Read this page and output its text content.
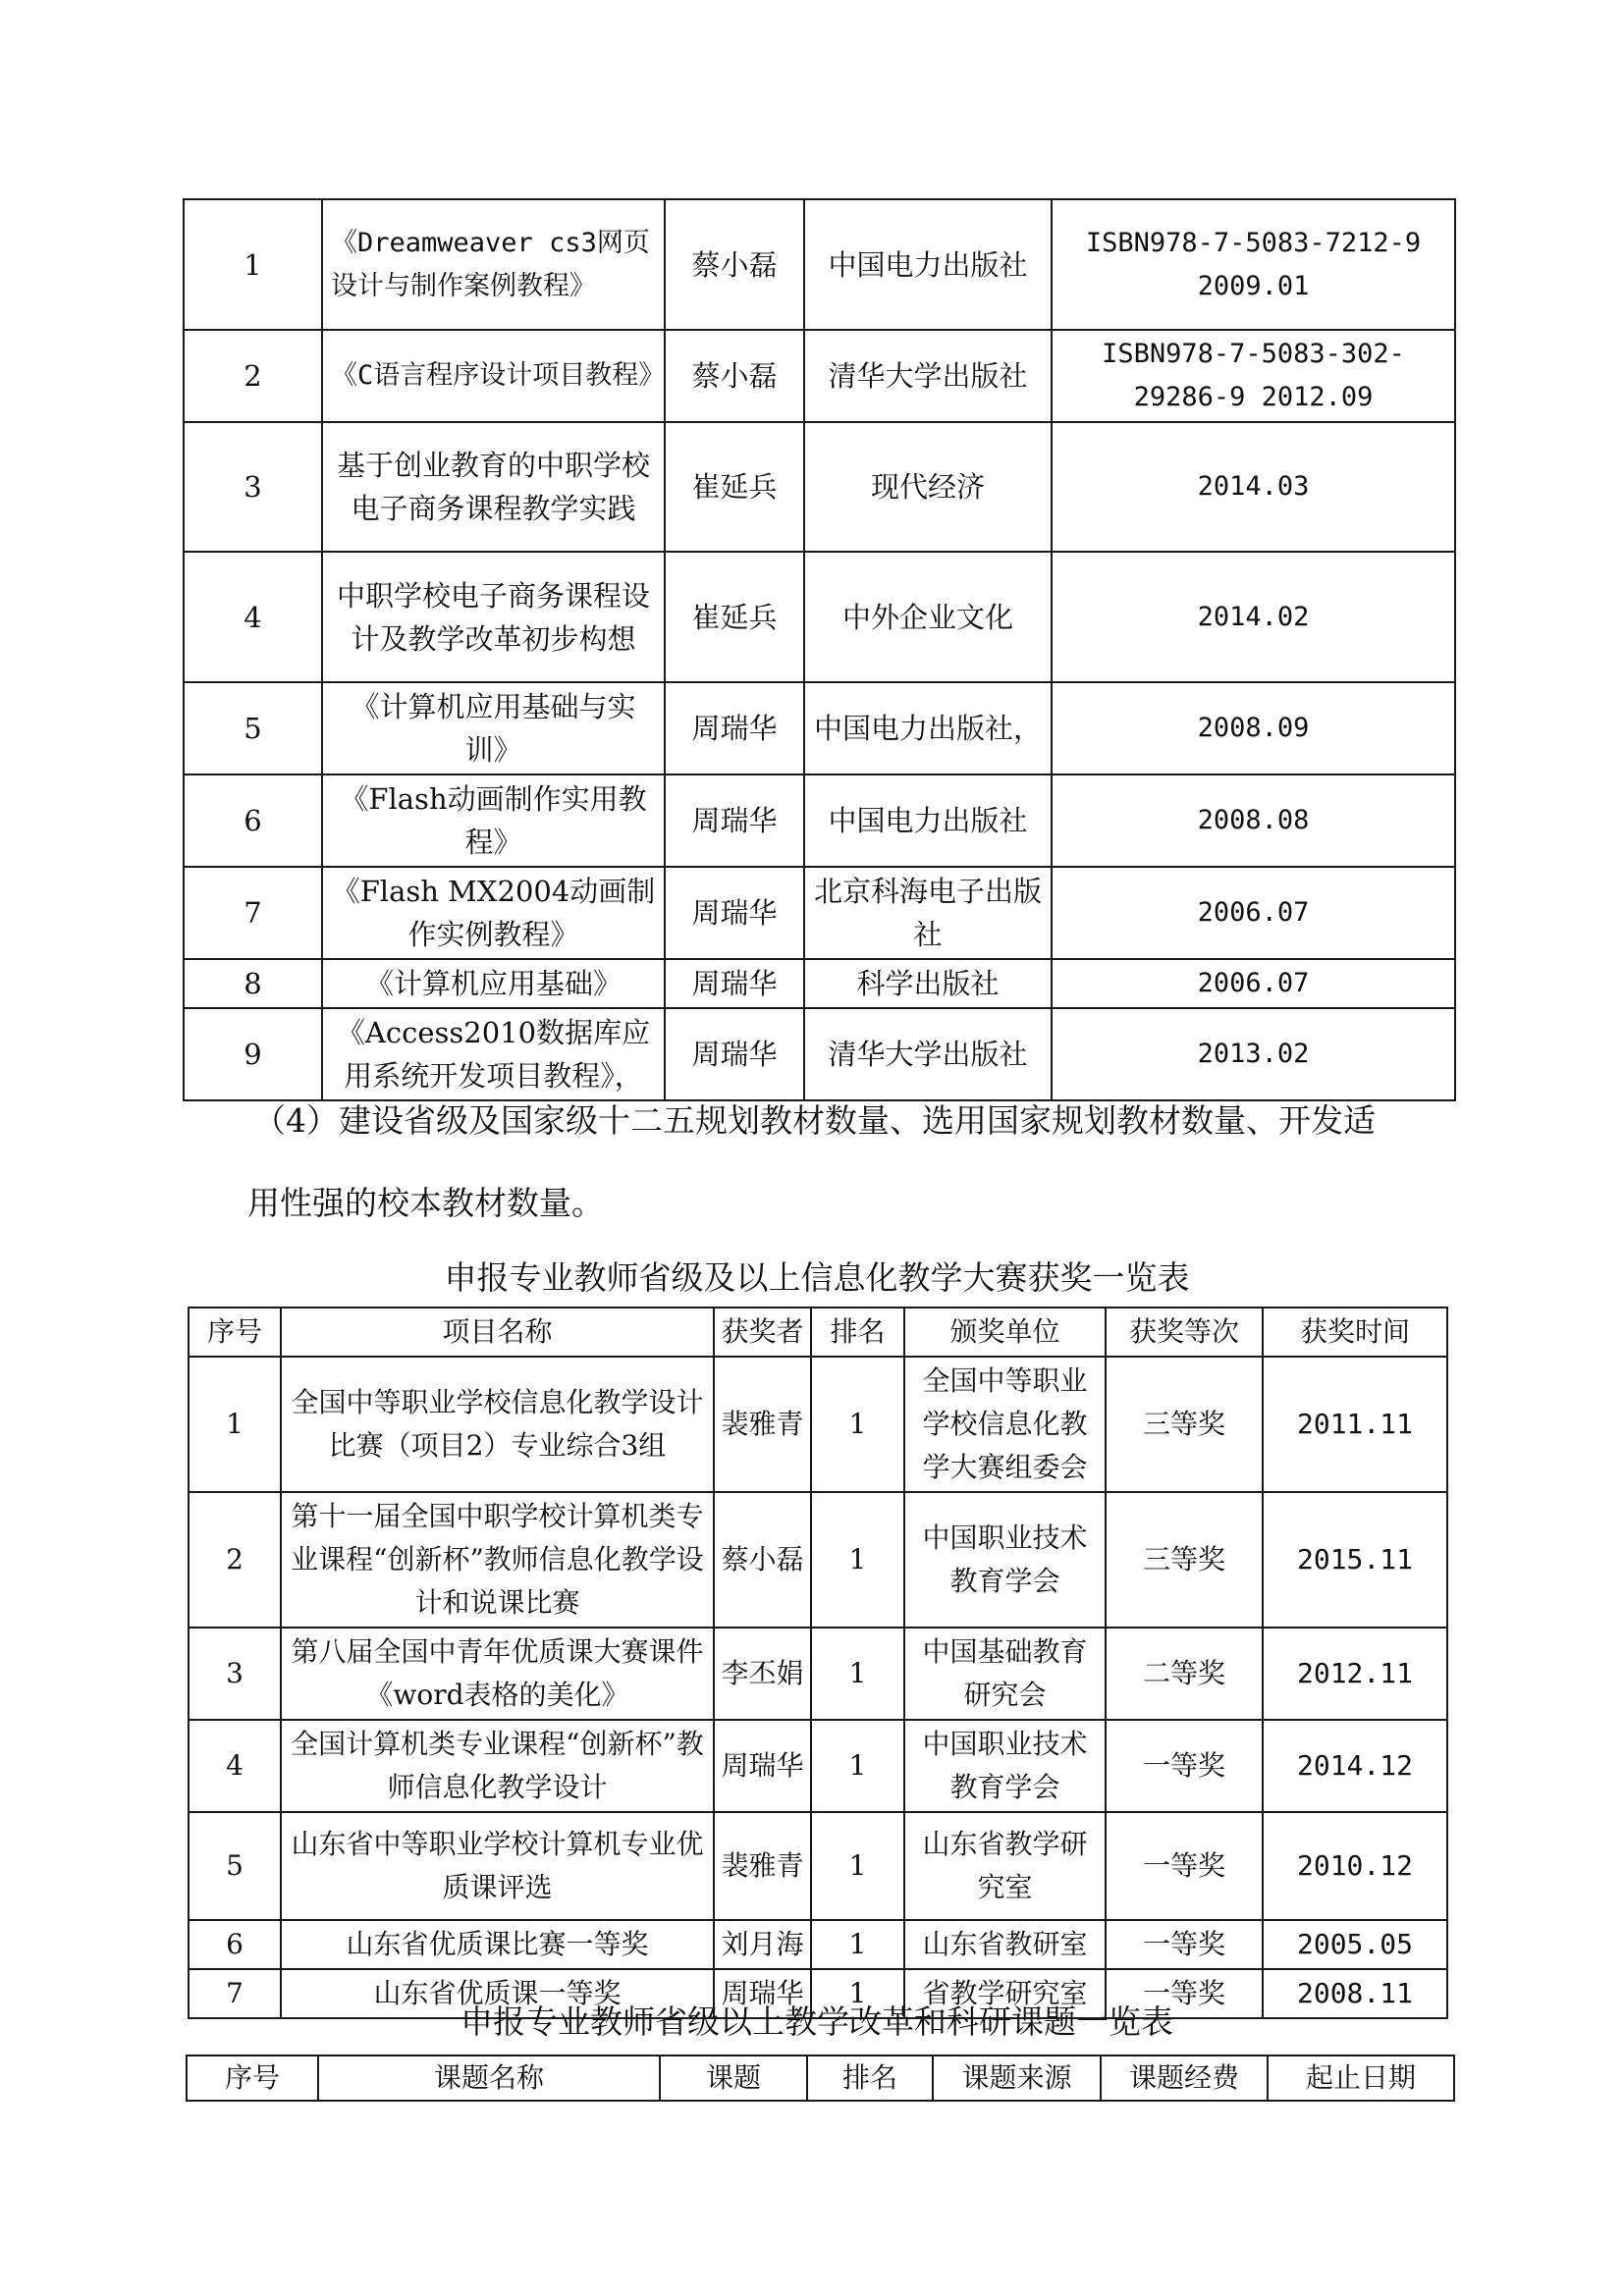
1	《Dreamweaver cs3网页设计与制作案例教程》	蔡小磊	中国电力出版社	ISBN978-7-5083-7212-9 2009.01
2	《C语言程序设计项目教程》	蔡小磊	清华大学出版社	ISBN978-7-5083-302-29286-9 2012.09
3	基于创业教育的中职学校电子商务课程教学实践	崔延兵	现代经济	2014.03
4	中职学校电子商务课程设计及教学改革初步构想	崔延兵	中外企业文化	2014.02
5	《计算机应用基础与实训》	周瑞华	中国电力出版社，	2008.09
6	《Flash动画制作实用教程》	周瑞华	中国电力出版社	2008.08
7	《Flash MX2004动画制作实例教程》	周瑞华	北京科海电子出版社	2006.07
8	《计算机应用基础》	周瑞华	科学出版社	2006.07
9	《Access2010数据库应用系统开发项目教程》，	周瑞华	清华大学出版社	2013.02

（4）建设省级及国家级十二五规划教材数量、选用国家规划教材数量、开发适

用性强的校本教材数量。

申报专业教师省级及以上信息化教学大赛获奖一览表

序号	项目名称	获奖者	排名	颁奖单位	获奖等次	获奖时间
1	全国中等职业学校信息化教学设计比赛（项目2）专业综合3组	裴雅青	1	全国中等职业学校信息化教学大赛组委会	三等奖	2011.11
2	第十一届全国中职学校计算机类专业课程“创新杯”教师信息化教学设计和说课比赛	蔡小磊	1	中国职业技术教育学会	三等奖	2015.11
3	第八届全国中青年优质课大赛课件《word表格的美化》	李丕娟	1	中国基础教育研究会	二等奖	2012.11
4	全国计算机类专业课程“创新杯”教师信息化教学设计	周瑞华	1	中国职业技术教育学会	一等奖	2014.12
5	山东省中等职业学校计算机专业优质课评选	裴雅青	1	山东省教学研究室	一等奖	2010.12
6	山东省优质课比赛一等奖	刘月海	1	山东省教研室	一等奖	2005.05
7	山东省优质课一等奖	周瑞华	1	省教学研究室	一等奖	2008.11

申报专业教师省级以上教学改革和科研课题一览表

序号	课题名称	课题	排名	课题来源	课题经费	起止日期
